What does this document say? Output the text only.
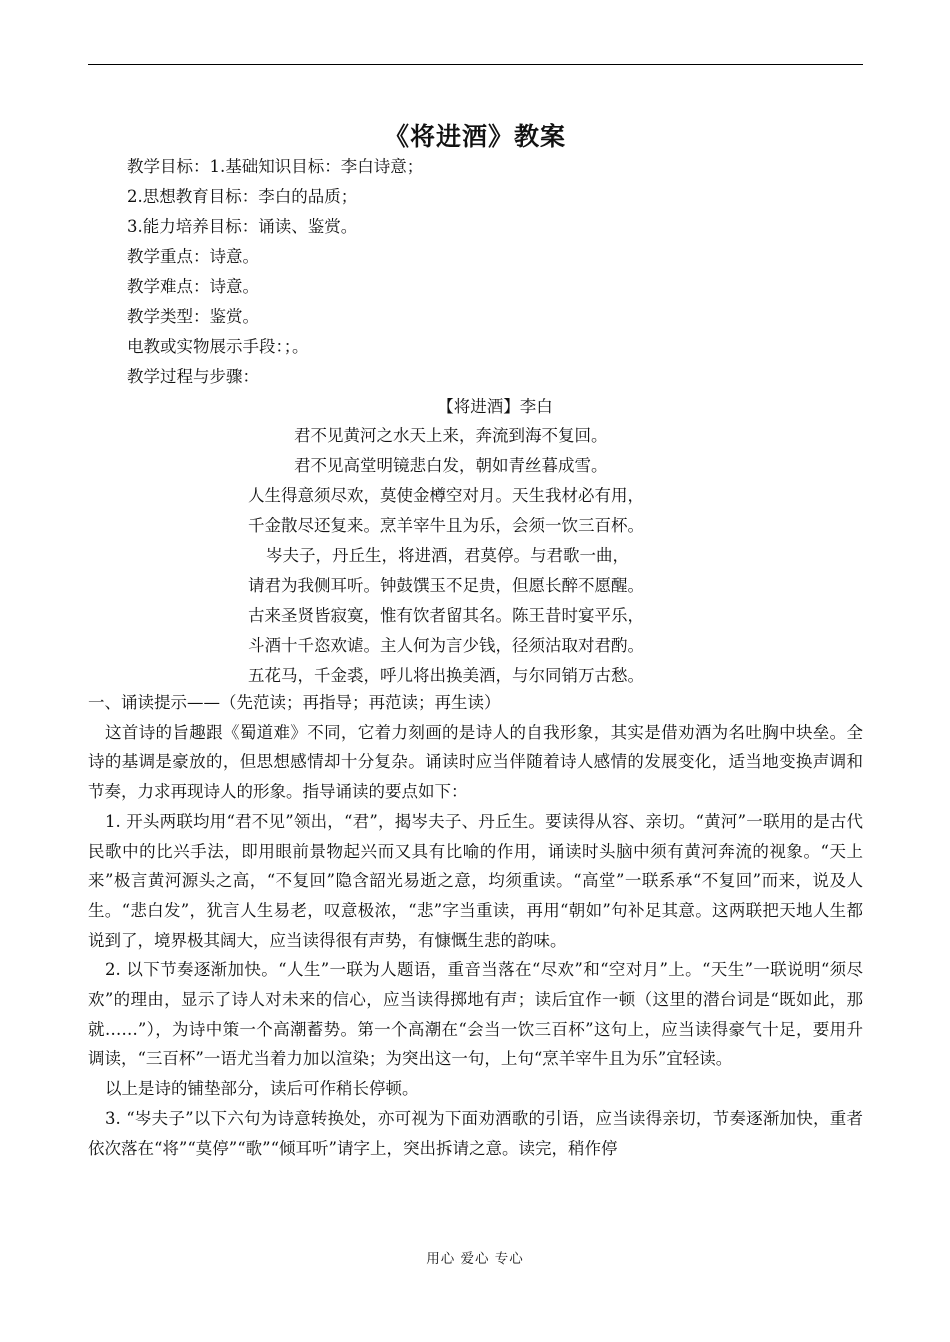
《将进酒》教案
教学目标：1.基础知识目标：李白诗意；
2.思想教育目标：李白的品质；
3.能力培养目标：诵读、鉴赏。
教学重点：诗意。
教学难点：诗意。
教学类型：鉴赏。
电教或实物展示手段：；。
教学过程与步骤：
【将进酒】李白
君不见黄河之水天上来，奔流到海不复回。
君不见高堂明镜悲白发，朝如青丝暮成雪。
人生得意须尽欢，莫使金樽空对月。天生我材必有用，
千金散尽还复来。烹羊宰牛且为乐，会须一饮三百杯。
岑夫子，丹丘生，将进酒，君莫停。与君歌一曲，
请君为我侧耳听。钟鼓馔玉不足贵，但愿长醉不愿醒。
古来圣贤皆寂寞，惟有饮者留其名。陈王昔时宴平乐，
斗酒十千恣欢谑。主人何为言少钱，径须沽取对君酌。
五花马，千金裘，呼儿将出换美酒，与尔同销万古愁。

一、诵读提示——（先范读；再指导；再范读；再生读）

这首诗的旨趣跟《蜀道难》不同，它着力刻画的是诗人的自我形象，其实是借劝酒为名吐胸中块垒。全诗的基调是豪放的，但思想感情却十分复杂。诵读时应当伴随着诗人感情的发展变化，适当地变换声调和节奏，力求再现诗人的形象。指导诵读的要点如下：

1. 开头两联均用“君不见”领出，“君”，揭岑夫子、丹丘生。要读得从容、亲切。“黄河”一联用的是古代民歌中的比兴手法，即用眼前景物起兴而又具有比喻的作用，诵读时头脑中须有黄河奔流的视象。“天上来”极言黄河源头之高，“不复回”隐含韶光易逝之意，均须重读。“高堂”一联系承“不复回”而来，说及人生。“悲白发”，犹言人生易老，叹意极浓，“悲”字当重读，再用“朝如”句补足其意。这两联把天地人生都说到了，境界极其阔大，应当读得很有声势，有慷慨生悲的韵味。

2. 以下节奏逐渐加快。“人生”一联为人题语，重音当落在“尽欢”和“空对月”上。“天生”一联说明“须尽欢”的理由，显示了诗人对未来的信心，应当读得掷地有声；读后宜作一顿（这里的潜台词是“既如此，那就……”），为诗中策一个高潮蓄势。第一个高潮在“会当一饮三百杯”这句上，应当读得豪气十足，要用升调读，“三百杯”一语尤当着力加以渲染；为突出这一句，上句“烹羊宰牛且为乐”宜轻读。

以上是诗的铺垫部分，读后可作稍长停顿。

3. “岑夫子”以下六句为诗意转换处，亦可视为下面劝酒歌的引语，应当读得亲切，节奏逐渐加快，重者依次落在“将”“莫停”“歌”“倾耳听”请字上，突出拆请之意。读完，稍作停

用心 爱心 专心
